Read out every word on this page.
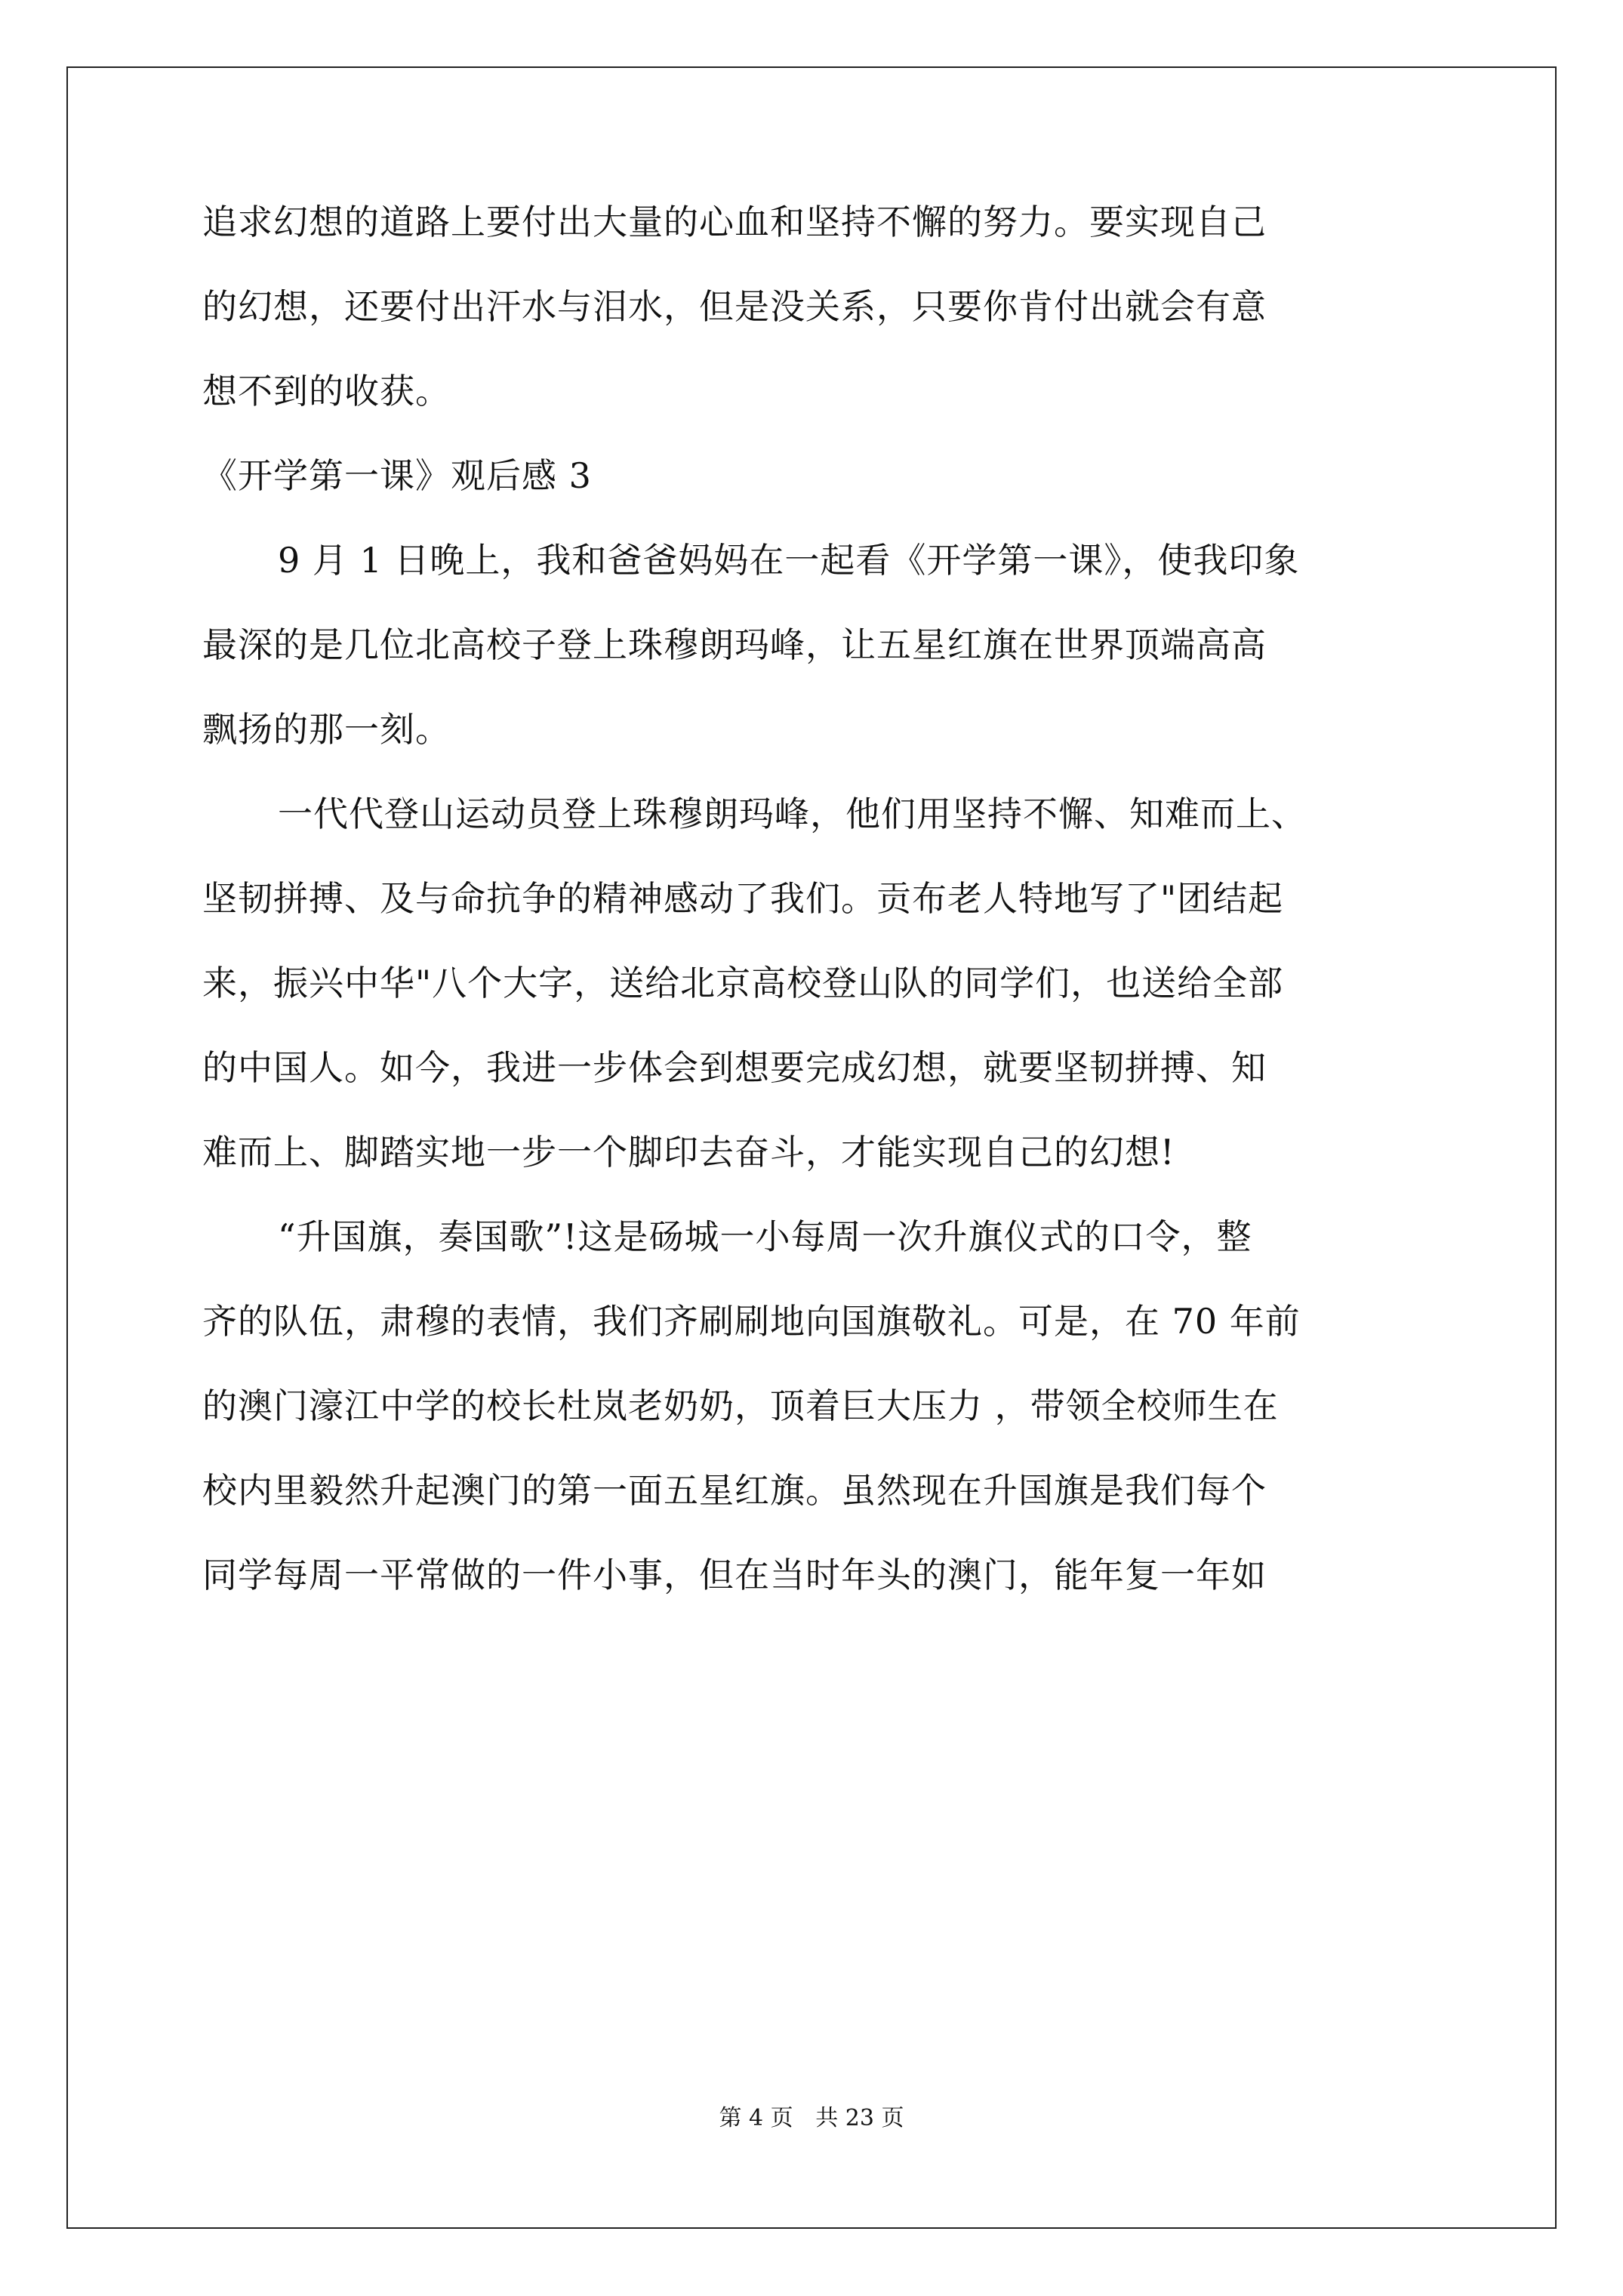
追求幻想的道路上要付出大量的心血和坚持不懈的努力。要实现自己
的幻想，还要付出汗水与泪水，但是没关系，只要你肯付出就会有意
想不到的收获。
《开学第一课》观后感 3
9 月 1 日晚上，我和爸爸妈妈在一起看《开学第一课》，使我印象
最深的是几位北高校子登上珠穆朗玛峰，让五星红旗在世界顶端高高
飘扬的那一刻。
一代代登山运动员登上珠穆朗玛峰，他们用坚持不懈、知难而上、
坚韧拼搏、及与命抗争的精神感动了我们。贡布老人特地写了"团结起
来，振兴中华"八个大字，送给北京高校登山队的同学们，也送给全部
的中国人。如今，我进一步体会到想要完成幻想，就要坚韧拼搏、知
难而上、脚踏实地一步一个脚印去奋斗，才能实现自己的幻想!
“升国旗，奏国歌”!这是砀城一小每周一次升旗仪式的口令，整
齐的队伍，肃穆的表情，我们齐刷刷地向国旗敬礼。可是，在 70 年前
的澳门濠江中学的校长杜岚老奶奶，顶着巨大压力 ，带领全校师生在
校内里毅然升起澳门的第一面五星红旗。虽然现在升国旗是我们每个
同学每周一平常做的一件小事，但在当时年头的澳门，能年复一年如
第 4 页 共 23 页
